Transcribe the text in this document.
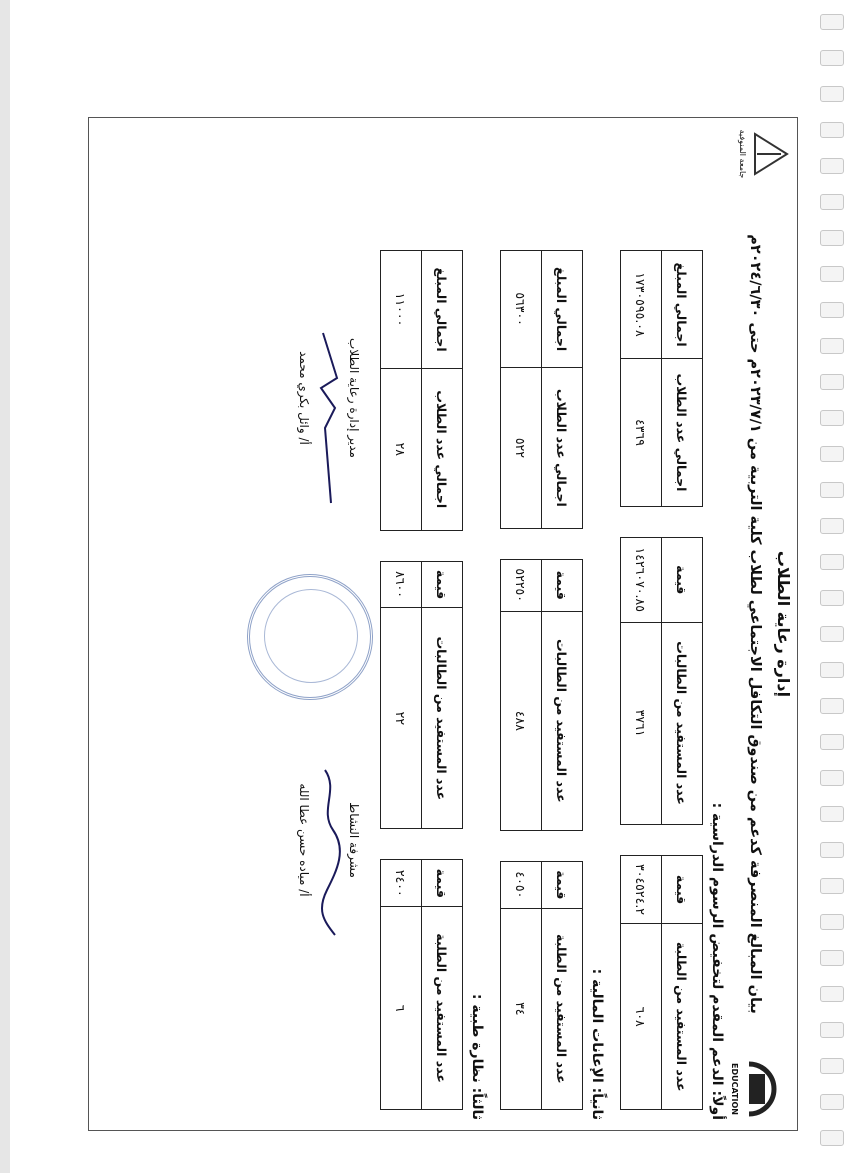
جامعة المنوفية
EDUCATION
إدارة رعاية الطلاب
بيان المبالغ المنصرفة كدعم من صندوق التكافل الاجتماعي لطلاب كلية التربية من ٢٠٢٣/٧/١م حتى ٢٠٢٤/٦/٣٠م
أولاً: الدعم المقدم لتخفيض الرسوم الدراسية :
عدد المستفيد من الطلبة	قيمة		عدد المستفيد من الطالبات	قيمة		اجمالي عدد الطلاب	اجمالي المبلغ
٦٠٨	٣٠٤٥٢٤.٢		٣٧٦١	١٤٢٦٠٧٠.٨٥		٤٣٦٩	١٧٣٠٥٩٥.٠٨
ثانياً: الإعانات المالية :
عدد المستفيد من الطلبة	قيمة		عدد المستفيد من الطالبات	قيمة		اجمالي عدد الطلاب	اجمالي المبلغ
٣٤	٤٠٥٠		٤٨٨	٥٢٢٥٠		٥٢٢	٥٦٣٠٠
ثالثاً: نظارة طبية :
عدد المستفيد من الطلبة	قيمة		عدد المستفيد من الطالبات	قيمة		اجمالي عدد الطلاب	اجمالي المبلغ
٦	٢٤٠٠		٢٢	٨٦٠٠		٢٨	١١٠٠٠
مشرفة النشاط
أ/ مياده حسن عطا الله
مدير إدارة رعاية الطلاب
أ/ وائل بكري محمد
